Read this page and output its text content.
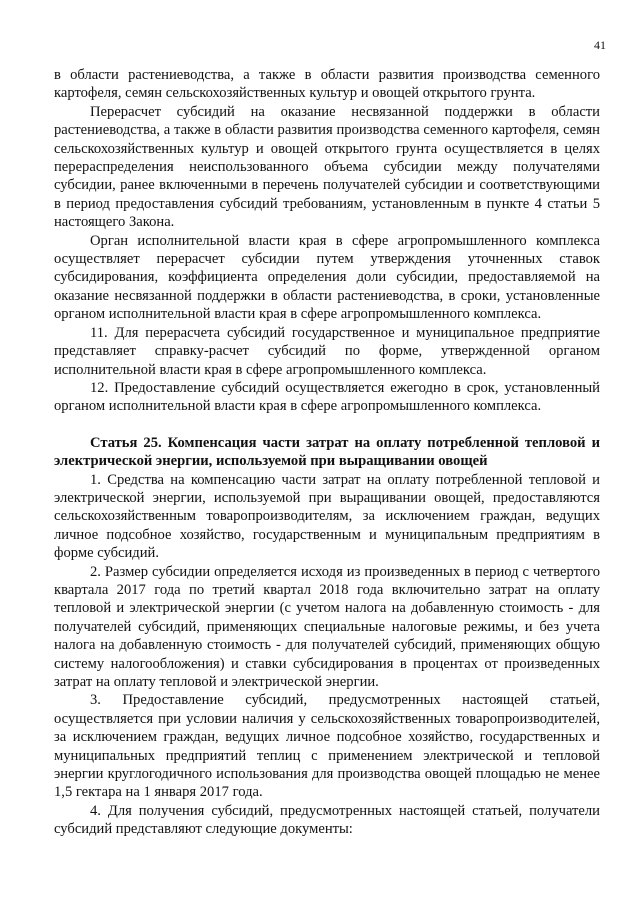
41

в области растениеводства, а также в области развития производства семенного картофеля, семян сельскохозяйственных культур и овощей открытого грунта.

Перерасчет субсидий на оказание несвязанной поддержки в области растениеводства, а также в области развития производства семенного картофеля, семян сельскохозяйственных культур и овощей открытого грунта осуществляется в целях перераспределения неиспользованного объема субсидии между получателями субсидии, ранее включенными в перечень получателей субсидии и соответствующими в период предоставления субсидий требованиям, установленным в пункте 4 статьи 5 настоящего Закона.

Орган исполнительной власти края в сфере агропромышленного комплекса осуществляет перерасчет субсидии путем утверждения уточненных ставок субсидирования, коэффициента определения доли субсидии, предоставляемой на оказание несвязанной поддержки в области растениеводства, в сроки, установленные органом исполнительной власти края в сфере агропромышленного комплекса.

11. Для перерасчета субсидий государственное и муниципальное предприятие представляет справку-расчет субсидий по форме, утвержденной органом исполнительной власти края в сфере агропромышленного комплекса.

12. Предоставление субсидий осуществляется ежегодно в срок, установленный органом исполнительной власти края в сфере агропромышленного комплекса.

Статья 25. Компенсация части затрат на оплату потребленной тепловой и электрической энергии, используемой при выращивании овощей

1. Средства на компенсацию части затрат на оплату потребленной тепловой и электрической энергии, используемой при выращивании овощей, предоставляются сельскохозяйственным товаропроизводителям, за исключением граждан, ведущих личное подсобное хозяйство, государственным и муниципальным предприятиям в форме субсидий.

2. Размер субсидии определяется исходя из произведенных в период с четвертого квартала 2017 года по третий квартал 2018 года включительно затрат на оплату тепловой и электрической энергии (с учетом налога на добавленную стоимость - для получателей субсидий, применяющих специальные налоговые режимы, и без учета налога на добавленную стоимость - для получателей субсидий, применяющих общую систему налогообложения) и ставки субсидирования в процентах от произведенных затрат на оплату тепловой и электрической энергии.

3. Предоставление субсидий, предусмотренных настоящей статьей, осуществляется при условии наличия у сельскохозяйственных товаропроизводителей, за исключением граждан, ведущих личное подсобное хозяйство, государственных и муниципальных предприятий теплиц с применением электрической и тепловой энергии круглогодичного использования для производства овощей площадью не менее 1,5 гектара на 1 января 2017 года.

4. Для получения субсидий, предусмотренных настоящей статьей, получатели субсидий представляют следующие документы:
